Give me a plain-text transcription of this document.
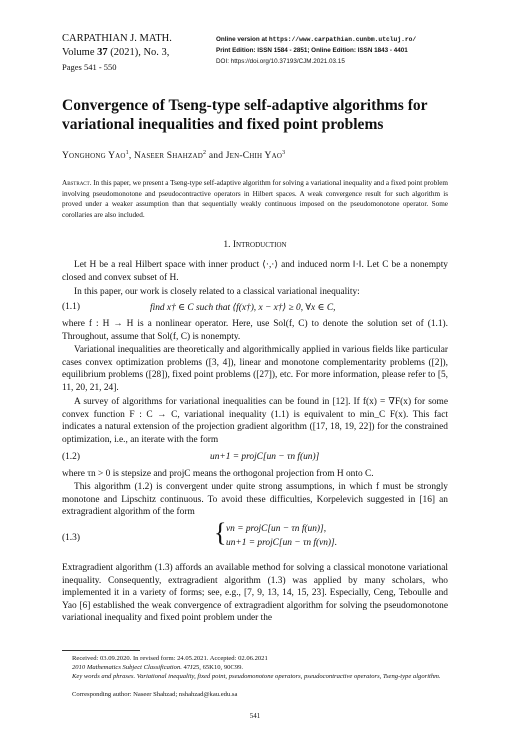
CARPATHIAN J. MATH.
Volume 37 (2021), No. 3,
Pages 541 - 550
Online version at https://www.carpathian.cunbm.utcluj.ro/
Print Edition: ISSN 1584 - 2851; Online Edition: ISSN 1843 - 4401
DOI: https://doi.org/10.37193/CJM.2021.03.15
Convergence of Tseng-type self-adaptive algorithms for variational inequalities and fixed point problems
Yonghong Yao$^1$, Naseer Shahzad$^2$ and Jen-Chih Yao$^3$
Abstract. In this paper, we present a Tseng-type self-adaptive algorithm for solving a variational inequality and a fixed point problem involving pseudomonotone and pseudocontractive operators in Hilbert spaces. A weak convergence result for such algorithm is proved under a weaker assumption than that sequentially weakly continuous imposed on the pseudomonotone operator. Some corollaries are also included.
1. Introduction
Let H be a real Hilbert space with inner product ⟨·,·⟩ and induced norm ‖·‖. Let C be a nonempty closed and convex subset of H.
In this paper, our work is closely related to a classical variational inequality:
(1.1)	find x† ∈ C such that ⟨f(x†), x − x†⟩ ≥ 0, ∀x ∈ C,
where f : H → H is a nonlinear operator. Here, use Sol(f, C) to denote the solution set of (1.1). Throughout, assume that Sol(f, C) is nonempty.
Variational inequalities are theoretically and algorithmically applied in various fields like particular cases convex optimization problems ([3, 4]), linear and monotone complementarity problems ([2]), equilibrium problems ([28]), fixed point problems ([27]), etc. For more information, please refer to [5, 11, 20, 21, 24].
A survey of algorithms for variational inequalities can be found in [12]. If f(x) = ∇F(x) for some convex function F : C → C, variational inequality (1.1) is equivalent to min_C F(x). This fact indicates a natural extension of the projection gradient algorithm ([17, 18, 19, 22]) for the constrained optimization, i.e., an iterate with the form
(1.2)	un+1 = projC[un − τn f(un)]
where τn > 0 is stepsize and projC means the orthogonal projection from H onto C.
This algorithm (1.2) is convergent under quite strong assumptions, in which f must be strongly monotone and Lipschitz continuous. To avoid these difficulties, Korpelevich suggested in [16] an extragradient algorithm of the form
(1.3)	{ vn = projC[un − τn f(un)],
un+1 = projC[un − τn f(vn)].
Extragradient algorithm (1.3) affords an available method for solving a classical monotone variational inequality. Consequently, extragradient algorithm (1.3) was applied by many scholars, who implemented it in a variety of forms; see, e.g., [7, 9, 13, 14, 15, 23]. Especially, Ceng, Teboulle and Yao [6] established the weak convergence of extragradient algorithm for solving the pseudomonotone variational inequality and fixed point problem under the
Received: 03.09.2020. In revised form: 24.05.2021. Accepted: 02.06.2021
2010 Mathematics Subject Classification. 47J25, 65K10, 90C99.
Key words and phrases. Variational inequality, fixed point, pseudomonotone operators, pseudocontractive operators, Tseng-type algorithm.
Corresponding author: Naseer Shahzad; nshahzad@kau.edu.sa
541
